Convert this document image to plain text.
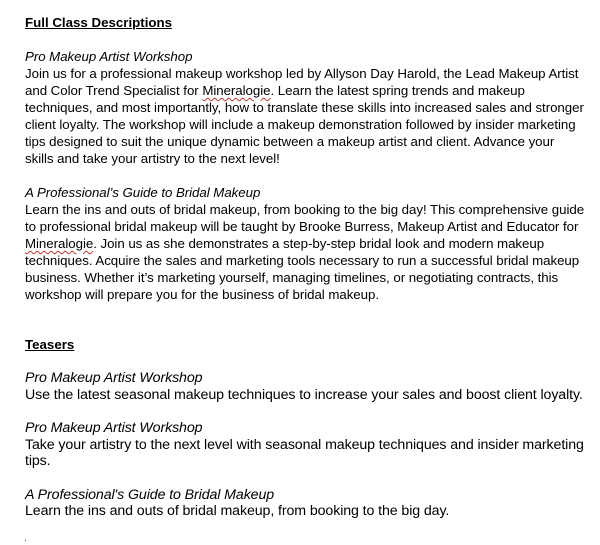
Full Class Descriptions

Pro Makeup Artist Workshop

Join us for a professional makeup workshop led by Allyson Day Harold, the Lead Makeup Artist and Color Trend Specialist for Mineralogie. Learn the latest spring trends and makeup techniques, and most importantly, how to translate these skills into increased sales and stronger client loyalty. The workshop will include a makeup demonstration followed by insider marketing tips designed to suit the unique dynamic between a makeup artist and client. Advance your skills and take your artistry to the next level!

A Professional’s Guide to Bridal Makeup

Learn the ins and outs of bridal makeup, from booking to the big day! This comprehensive guide to professional bridal makeup will be taught by Brooke Burress, Makeup Artist and Educator for Mineralogie. Join us as she demonstrates a step-by-step bridal look and modern makeup techniques. Acquire the sales and marketing tools necessary to run a successful bridal makeup business. Whether it’s marketing yourself, managing timelines, or negotiating contracts, this workshop will prepare you for the business of bridal makeup.

Teasers

Pro Makeup Artist Workshop

Use the latest seasonal makeup techniques to increase your sales and boost client loyalty.

Pro Makeup Artist Workshop

Take your artistry to the next level with seasonal makeup techniques and insider marketing tips.

A Professional's Guide to Bridal Makeup

Learn the ins and outs of bridal makeup, from booking to the big day.
